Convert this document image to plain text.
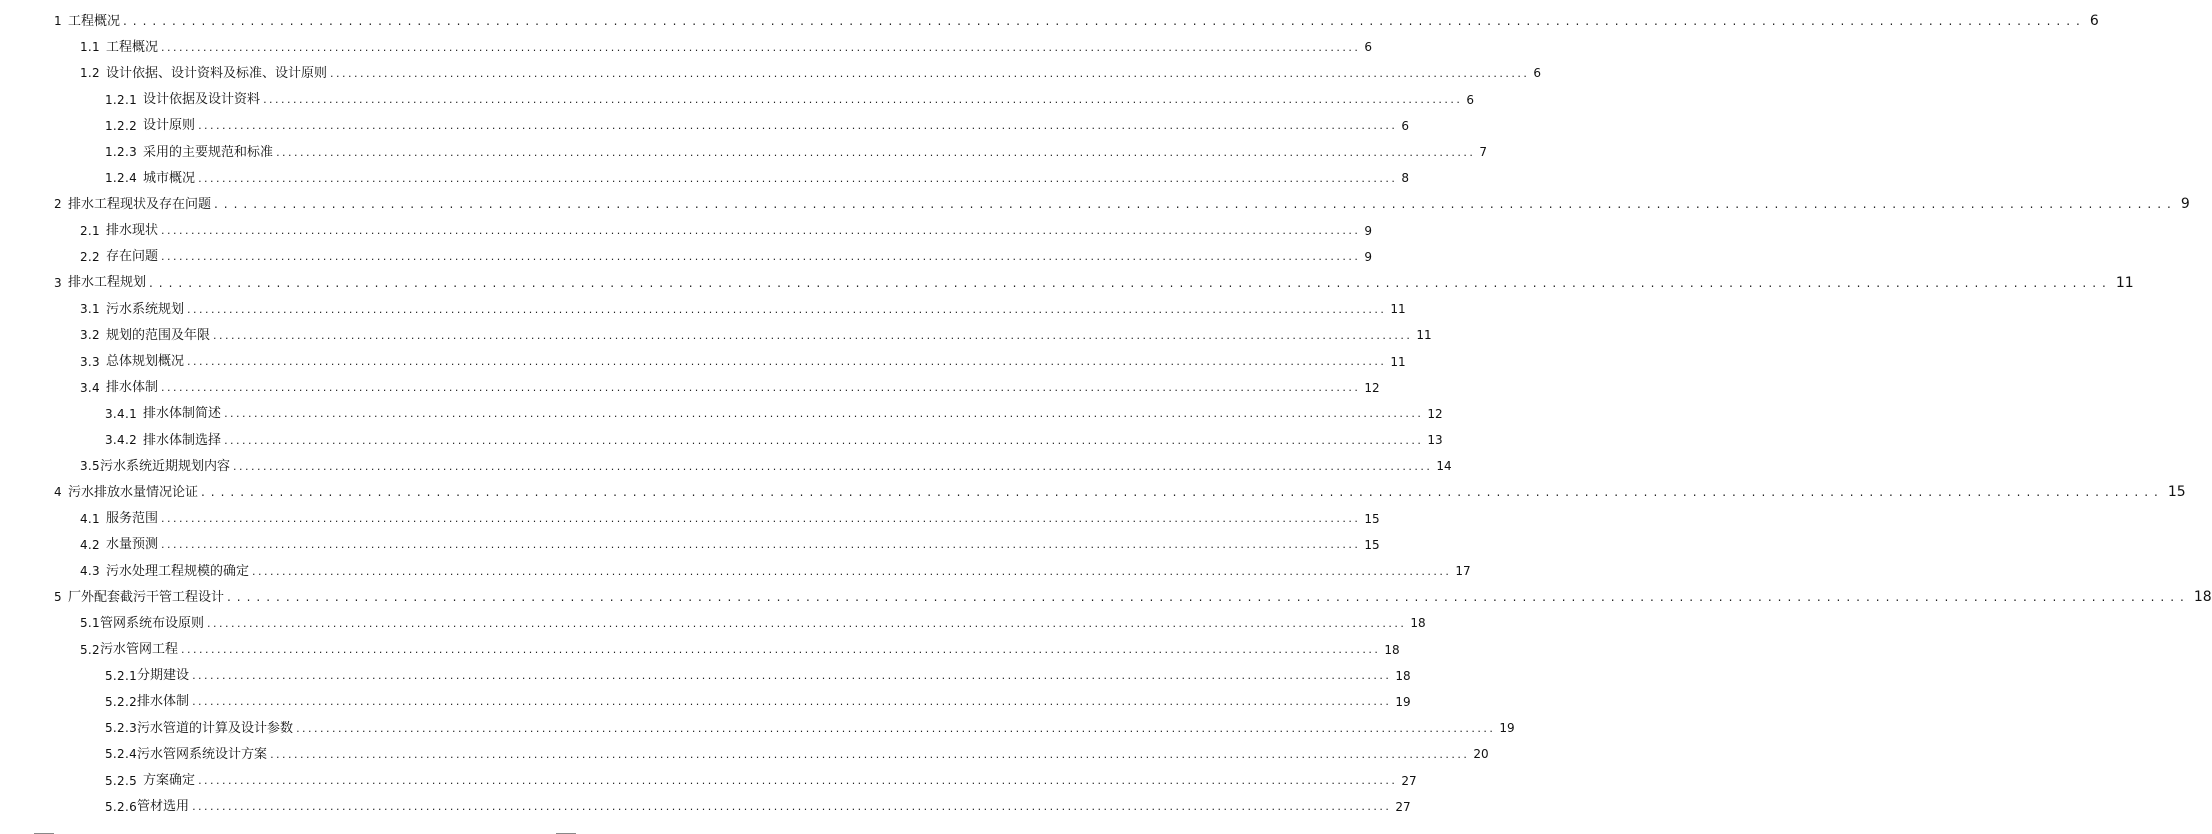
1 工程概况 ........................................................................................................................................................................................................ 6
1.1 工程概况 ........................................................................................................................................................................................................ 6
1.2 设计依据、设计资料及标准、设计原则 ........................................................................................................................................................................................................ 6
1.2.1 设计依据及设计资料 ........................................................................................................................................................................................................ 6
1.2.2 设计原则 ........................................................................................................................................................................................................ 6
1.2.3 采用的主要规范和标准 ........................................................................................................................................................................................................ 7
1.2.4 城市概况 ........................................................................................................................................................................................................ 8
2 排水工程现状及存在问题 ........................................................................................................................................................................................................ 9
2.1 排水现状 ........................................................................................................................................................................................................ 9
2.2 存在问题 ........................................................................................................................................................................................................ 9
3 排水工程规划 ........................................................................................................................................................................................................ 11
3.1 污水系统规划 ........................................................................................................................................................................................................ 11
3.2 规划的范围及年限 ........................................................................................................................................................................................................ 11
3.3 总体规划概况 ........................................................................................................................................................................................................ 11
3.4 排水体制 ........................................................................................................................................................................................................ 12
3.4.1 排水体制简述 ........................................................................................................................................................................................................ 12
3.4.2 排水体制选择 ........................................................................................................................................................................................................ 13
3.5 污水系统近期规划内容 ........................................................................................................................................................................................................ 14
4 污水排放水量情况论证 ........................................................................................................................................................................................................ 15
4.1 服务范围 ........................................................................................................................................................................................................ 15
4.2 水量预测 ........................................................................................................................................................................................................ 15
4.3 污水处理工程规模的确定 ........................................................................................................................................................................................................ 17
5 厂外配套截污干管工程设计 ........................................................................................................................................................................................................ 18
5.1 管网系统布设原则 ........................................................................................................................................................................................................ 18
5.2 污水管网工程 ........................................................................................................................................................................................................ 18
5.2.1 分期建设 ........................................................................................................................................................................................................ 18
5.2.2 排水体制 ........................................................................................................................................................................................................ 19
5.2.3 污水管道的计算及设计参数 ........................................................................................................................................................................................................ 19
5.2.4 污水管网系统设计方案 ........................................................................................................................................................................................................ 20
5.2.5 方案确定 ........................................................................................................................................................................................................ 27
5.2.6 管材选用 ........................................................................................................................................................................................................ 27
